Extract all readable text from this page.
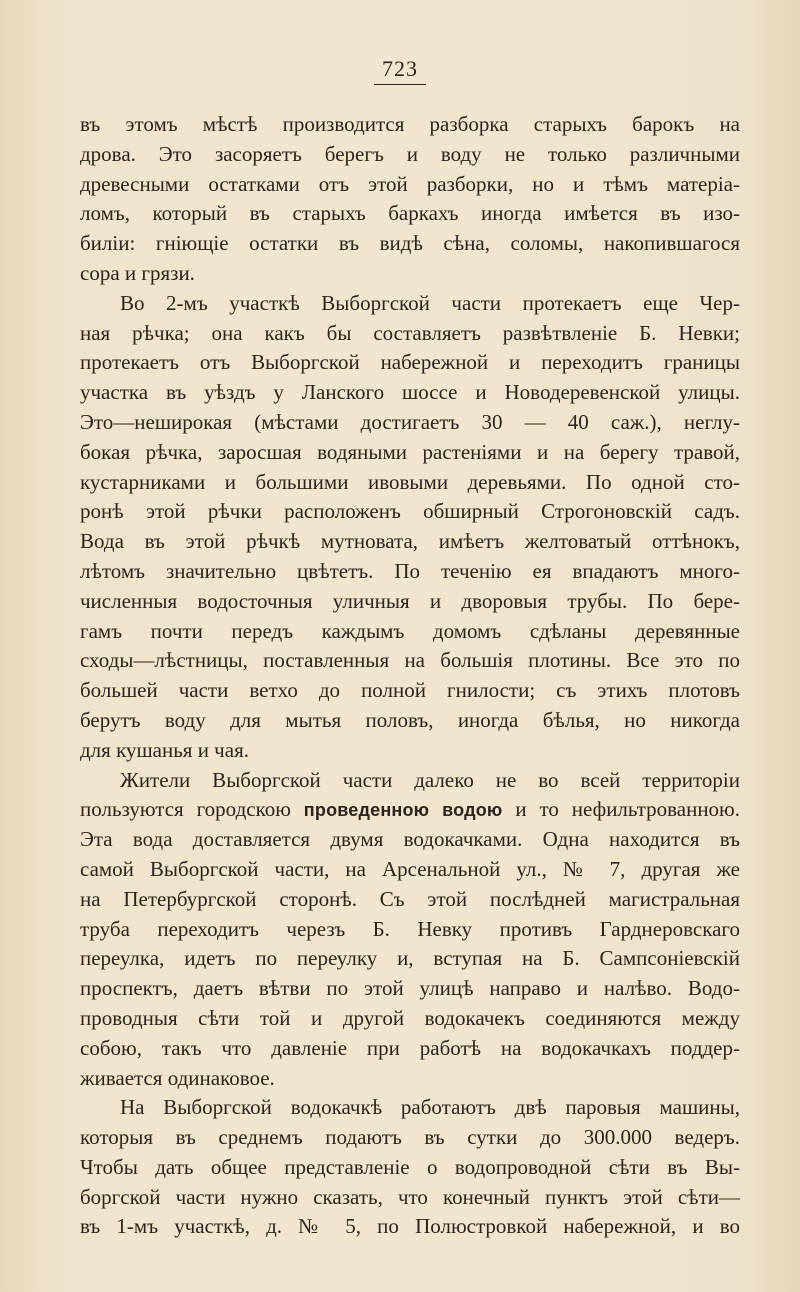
723
въ этомъ мѣстѣ производится разборка старыхъ барокъ на
дрова. Это засоряетъ берегъ и воду не только различными
древесными остатками отъ этой разборки, но и тѣмъ матеріа-
ломъ, который въ старыхъ баркахъ иногда имѣется въ изо-
биліи: гніющіе остатки въ видѣ сѣна, соломы, накопившагося
сора и грязи.
Во 2-мъ участкѣ Выборгской части протекаетъ еще Чер-
ная рѣчка; она какъ бы составляетъ развѣтвленіе Б. Невки;
протекаетъ отъ Выборгской набережной и переходитъ границы
участка въ уѣздъ у Ланского шоссе и Новодеревенской улицы.
Это—неширокая (мѣстами достигаетъ 30 — 40 саж.), неглу-
бокая рѣчка, заросшая водяными растеніями и на берегу травой,
кустарниками и большими ивовыми деревьями. По одной сто-
ронѣ этой рѣчки расположенъ обширный Строгоновскій садъ.
Вода въ этой рѣчкѣ мутновата, имѣетъ желтоватый оттѣнокъ,
лѣтомъ значительно цвѣтетъ. По теченію ея впадаютъ много-
численныя водосточныя уличныя и дворовыя трубы. По бере-
гамъ почти передъ каждымъ домомъ сдѣланы деревянные
сходы—лѣстницы, поставленныя на большія плотины. Все это по
большей части ветхо до полной гнилости; съ этихъ плотовъ
берутъ воду для мытья половъ, иногда бѣлья, но никогда
для кушанья и чая.
Жители Выборгской части далеко не во всей территоріи
пользуются городскою проведенною водою и то нефильтрованною.
Эта вода доставляется двумя водокачками. Одна находится въ
самой Выборгской части, на Арсенальной ул., № 7, другая же
на Петербургской сторонѣ. Съ этой послѣдней магистральная
труба переходитъ черезъ Б. Невку противъ Гарднеровскаго
переулка, идетъ по переулку и, вступая на Б. Сампсоніевскій
проспектъ, даетъ вѣтви по этой улицѣ направо и налѣво. Водо-
проводныя сѣти той и другой водокачекъ соединяются между
собою, такъ что давленіе при работѣ на водокачкахъ поддер-
живается одинаковое.
На Выборгской водокачкѣ работаютъ двѣ паровыя машины,
которыя въ среднемъ подаютъ въ сутки до 300.000 ведеръ.
Чтобы дать общее представленіе о водопроводной сѣти въ Вы-
боргской части нужно сказать, что конечный пунктъ этой сѣти—
въ 1-мъ участкѣ, д. № 5, по Полюстровкой набережной, и во
